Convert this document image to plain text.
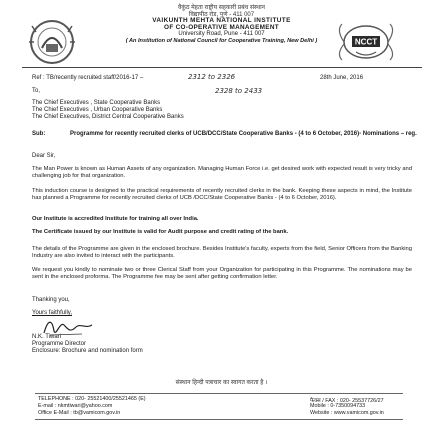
वैकुंठ मेहता राष्ट्रीय सहकारी प्रबंध संस्थान
विद्यापीठ रोड, पुणे - 411 007
VAIKUNTH MEHTA NATIONAL INSTITUTE
OF CO-OPERATIVE MANAGEMENT
University Road, Pune - 411 007
( An Institution of National Council for Cooperative Training, New Delhi )	NCCT
Ref : TB/recently recruited staff/2016-17 –	2312 to 2326	28th June, 2016
To,	2328 to 2433
The Chief Executives , State Cooperative Banks
The Chief Executives , Urban Cooperative Banks
The Chief Executives, District Central Cooperative Banks
Sub:	Programme for recently recruited clerks of UCB/DCC/State Cooperative Banks - (4 to 6 October, 2016)- Nominations – reg.
Dear Sir,
The Man Power is known as Human Assets of any organization. Managing Human Force i.e. get desired work with expected result is very tricky and challenging job for that organization.
This induction course is designed to the practical requirements of recently recruited clerks in the bank. Keeping these aspects in mind, the Institute has planned a Programme for recently recruited clerks of UCB /DCC/State Cooperative Banks - (4 to 6 October, 2016).
Our Institute is accredited Institute for training all over India.
The Certificate issued by our Institute is valid for Audit purpose and credit rating of the bank.
The details of the Programme are given in the enclosed brochure. Besides Institute's faculty, experts from the field, Senior Officers from the Banking Industry are also invited to interact with the participants.
We request you kindly to nominate two or three Clerical Staff from your Organization for participating in this Programme. The nominations may be sent in the enclosed proforma. The Programme fee may be sent after getting confirmation letter.
Thanking you,
Yours faithfully,
N.K. Tiwari
Programme Director
Enclosure: Brochure and nomination form
संस्थान हिन्दी पत्राचार का स्वागत करता है ।
TELEPHONE : 020- 25521400/25521465 (E)
E-mail : nkmtiwari@yahoo.com
Office E-Mail : tb@vamicom.gov.in
फैक्स / FAX : 020- 25537726/27
Mobile : 0-7350094733
Website : www.vamicom.gov.in
